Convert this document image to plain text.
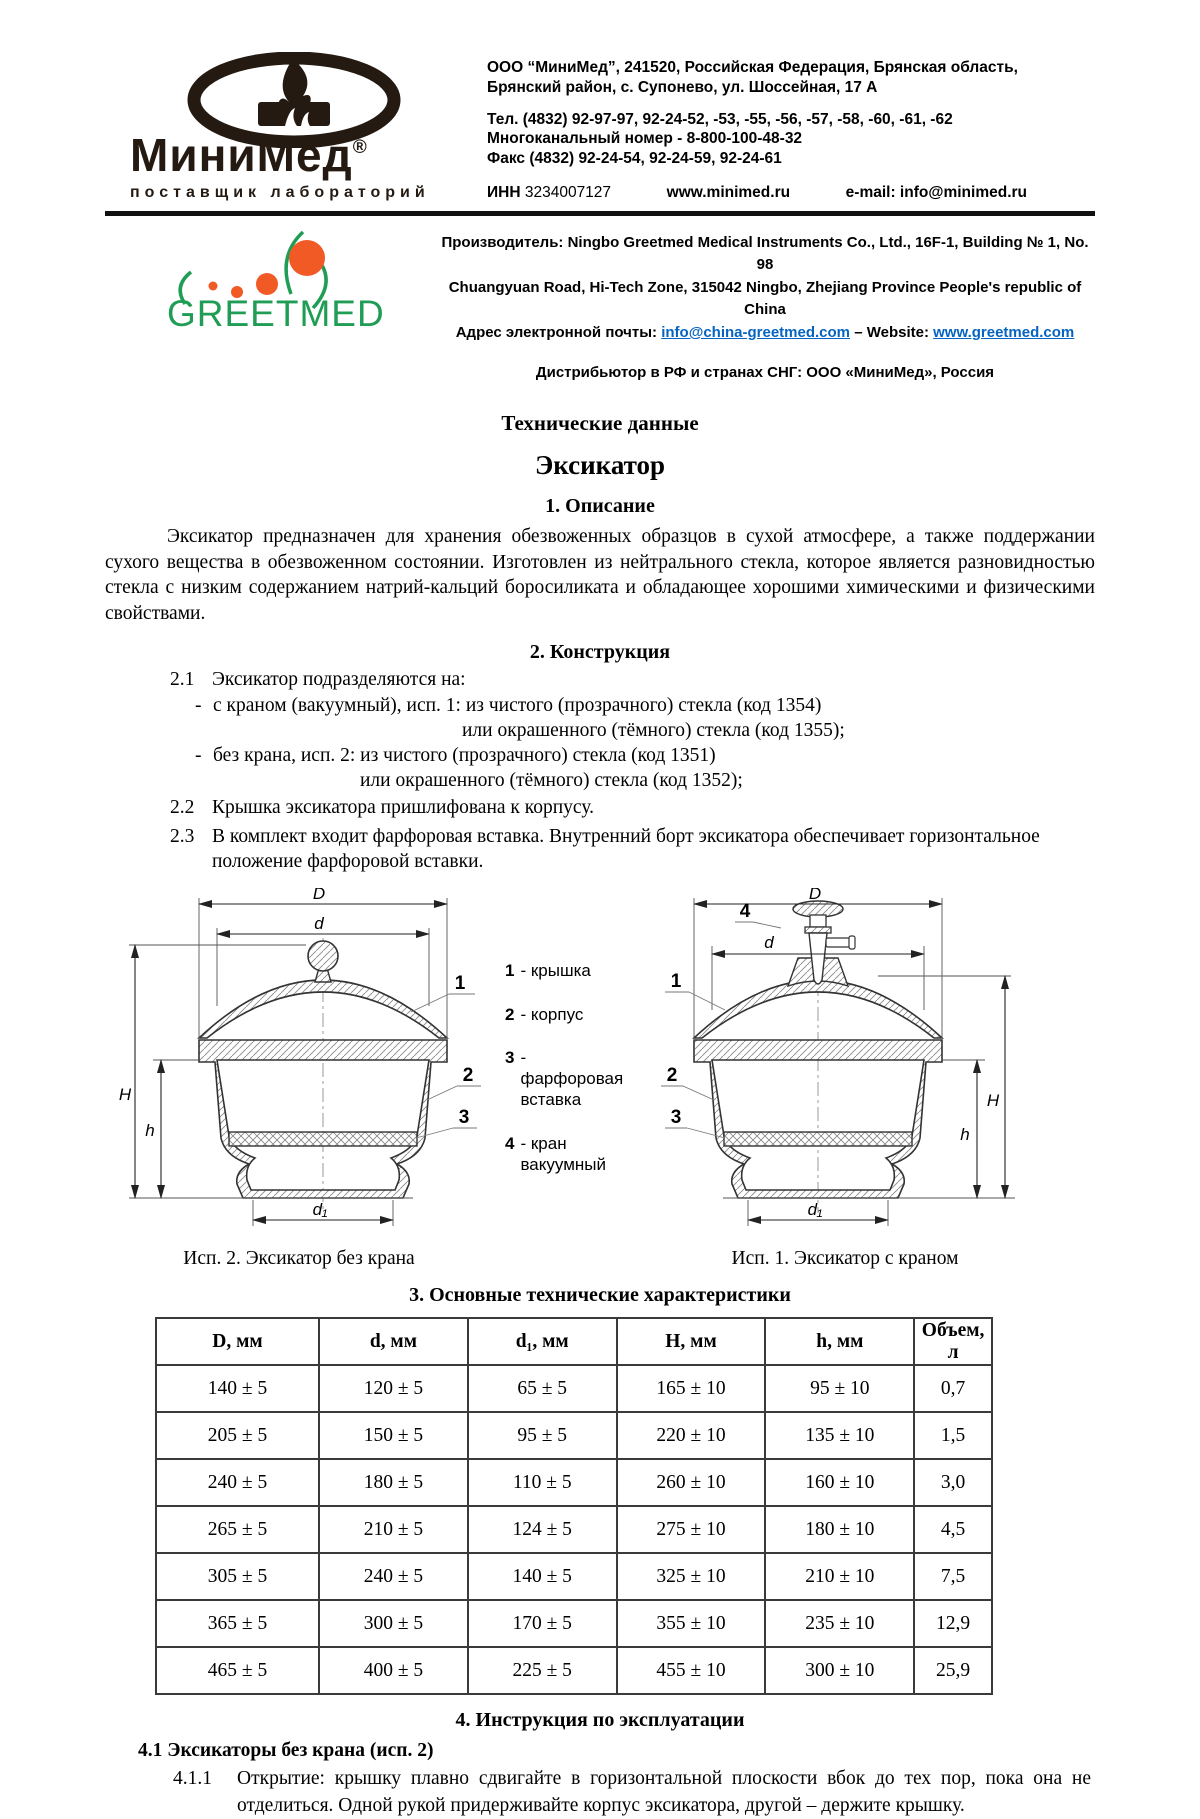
МиниМед®
поставщик лабораторий
ООО “МиниМед”, 241520, Российская Федерация, Брянская область,
Брянский район, с. Супонево, ул. Шоссейная, 17 А
Тел. (4832) 92-97-97, 92-24-52, -53, -55, -56, -57, -58, -60, -61, -62
Многоканальный номер - 8-800-100-48-32
Факс (4832) 92-24-54, 92-24-59, 92-24-61
ИНН 3234007127	www.minimed.ru	e-mail: info@minimed.ru
GREETMED
Производитель: Ningbo Greetmed Medical Instruments Co., Ltd., 16F-1, Building № 1, No. 98
Chuangyuan Road, Hi-Tech Zone, 315042 Ningbo, Zhejiang Province People's republic of China
Адрес электронной почты: info@china-greetmed.com – Website: www.greetmed.com
Дистрибьютор в РФ и странах СНГ: ООО «МиниМед», Россия
Технические данные
Эксикатор
1. Описание
Эксикатор предназначен для хранения обезвоженных образцов в сухой атмосфере, а также поддержании сухого вещества в обезвоженном состоянии. Изготовлен из нейтрального стекла, которое является разновидностью стекла с низким содержанием натрий-кальций боросиликата и обладающее хорошими химическими и физическими свойствами.
2. Конструкция
2.1 Эксикатор подразделяются на:
- с краном (вакуумный), исп. 1: из чистого (прозрачного) стекла (код 1354)
или окрашенного (тёмного) стекла (код 1355);
- без крана, исп. 2: из чистого (прозрачного) стекла (код 1351)
или окрашенного (тёмного) стекла (код 1352);
2.2 Крышка эксикатора пришлифована к корпусу.
2.3 В комплект входит фарфоровая вставка. Внутренний борт эксикатора обеспечивает горизонтальное положение фарфоровой вставки.
D
d
H
h
d₁
1
2
3
Исп. 2. Эксикатор без крана
1 - крышка
2 - корпус
3 - фарфоровая вставка
4 - кран вакуумный
D
d
H
h
d₁
4
1
2
3
Исп. 1. Эксикатор с краном
3. Основные технические характеристики
D, мм	d, мм	d₁, мм	H, мм	h, мм	Объем, л
140 ± 5	120 ± 5	65 ± 5	165 ± 10	95 ± 10	0,7
205 ± 5	150 ± 5	95 ± 5	220 ± 10	135 ± 10	1,5
240 ± 5	180 ± 5	110 ± 5	260 ± 10	160 ± 10	3,0
265 ± 5	210 ± 5	124 ± 5	275 ± 10	180 ± 10	4,5
305 ± 5	240 ± 5	140 ± 5	325 ± 10	210 ± 10	7,5
365 ± 5	300 ± 5	170 ± 5	355 ± 10	235 ± 10	12,9
465 ± 5	400 ± 5	225 ± 5	455 ± 10	300 ± 10	25,9
4. Инструкция по эксплуатации
4.1 Эксикаторы без крана (исп. 2)
4.1.1	Открытие: крышку плавно сдвигайте в горизонтальной плоскости вбок до тех пор, пока она не отделиться. Одной рукой придерживайте корпус эксикатора, другой – держите крышку.
